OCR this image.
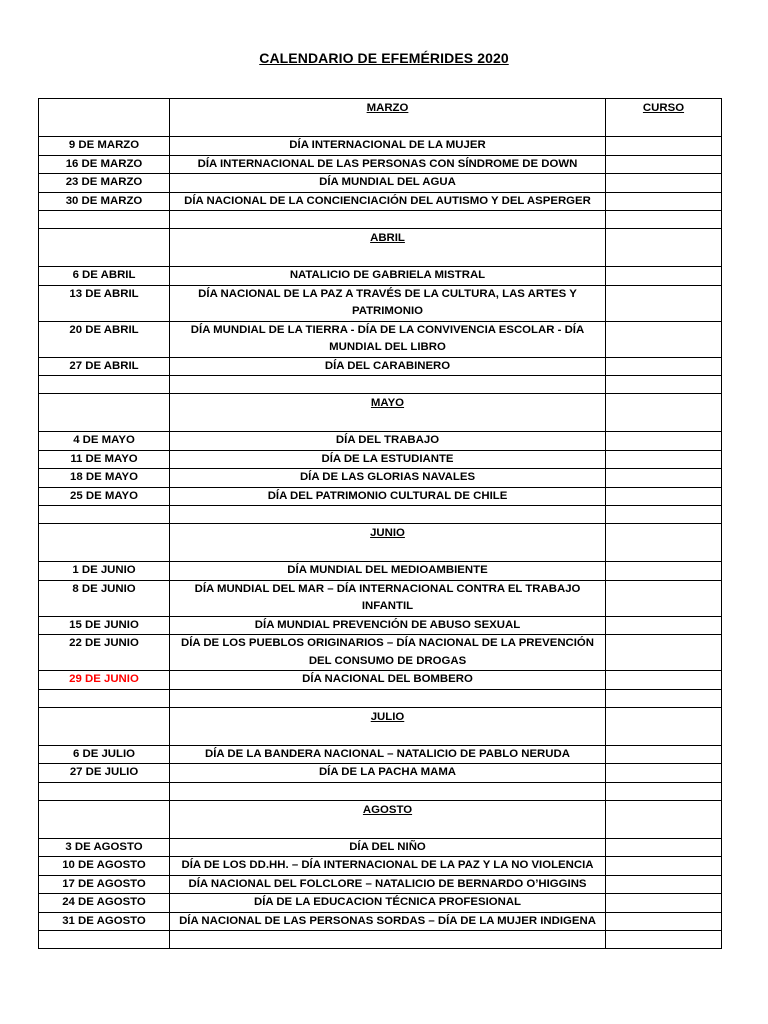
CALENDARIO DE EFEMÉRIDES 2020
	MARZO	CURSO
9 DE MARZO	DÍA INTERNACIONAL DE LA MUJER	
16 DE MARZO	DÍA INTERNACIONAL DE LAS PERSONAS CON SÍNDROME DE DOWN	
23 DE MARZO	DÍA MUNDIAL DEL AGUA	
30 DE MARZO	DÍA NACIONAL DE LA CONCIENCIACIÓN DEL AUTISMO Y DEL ASPERGER	

	ABRIL	
6 DE ABRIL	NATALICIO DE GABRIELA MISTRAL	
13 DE ABRIL	DÍA NACIONAL DE LA PAZ A TRAVÉS DE LA CULTURA, LAS ARTES Y PATRIMONIO	
20 DE ABRIL	DÍA MUNDIAL DE LA TIERRA - DÍA DE LA CONVIVENCIA ESCOLAR - DÍA MUNDIAL DEL LIBRO	
27 DE ABRIL	DÍA DEL CARABINERO	

	MAYO	
4 DE MAYO	DÍA DEL TRABAJO	
11 DE MAYO	DÍA DE LA ESTUDIANTE	
18 DE MAYO	DÍA DE LAS GLORIAS NAVALES	
25 DE MAYO	DÍA DEL PATRIMONIO CULTURAL DE CHILE	

	JUNIO	
1 DE JUNIO	DÍA MUNDIAL DEL MEDIOAMBIENTE	
8 DE JUNIO	DÍA MUNDIAL DEL MAR – DÍA INTERNACIONAL CONTRA EL TRABAJO INFANTIL	
15 DE JUNIO	DÍA MUNDIAL PREVENCIÓN DE ABUSO SEXUAL	
22 DE JUNIO	DÍA DE LOS PUEBLOS ORIGINARIOS – DÍA NACIONAL DE LA PREVENCIÓN DEL CONSUMO DE DROGAS	
29 DE JUNIO	DÍA NACIONAL DEL BOMBERO	

	JULIO	
6 DE JULIO	DÍA DE LA BANDERA NACIONAL – NATALICIO DE PABLO NERUDA	
27 DE JULIO	DÍA DE LA PACHA MAMA	

	AGOSTO	
3 DE AGOSTO	DÍA DEL NIÑO	
10 DE AGOSTO	DÍA DE LOS DD.HH. – DÍA INTERNACIONAL DE LA PAZ Y LA NO VIOLENCIA	
17 DE AGOSTO	DÍA NACIONAL DEL FOLCLORE – NATALICIO DE BERNARDO O’HIGGINS	
24 DE AGOSTO	DÍA DE LA EDUCACION TÉCNICA PROFESIONAL	
31 DE AGOSTO	DÍA NACIONAL DE LAS PERSONAS SORDAS – DÍA DE LA MUJER INDIGENA	
